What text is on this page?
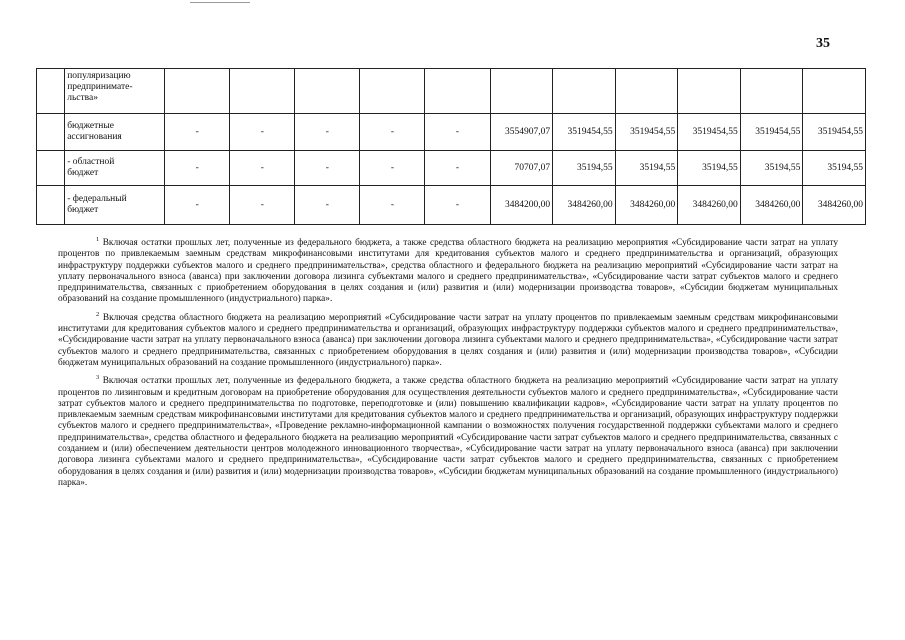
35
	популяризацию
предпринимате-
льства»											
	бюджетные
ассигнования	-	-	-	-	-	3554907,07	3519454,55	3519454,55	3519454,55	3519454,55	3519454,55
	- областной
бюджет	-	-	-	-	-	70707,07	35194,55	35194,55	35194,55	35194,55	35194,55
	- федеральный
бюджет	-	-	-	-	-	3484200,00	3484260,00	3484260,00	3484260,00	3484260,00	3484260,00

$^1$ Включая остатки прошлых лет, полученные из федерального бюджета, а также средства областного бюджета на реализацию мероприятия «Субсидирование части затрат на уплату процентов по привлекаемым заемным средствам микрофинансовыми институтами для кредитования субъектов малого и среднего предпринимательства и организаций, образующих инфраструктуру поддержки субъектов малого и среднего предпринимательства», средства областного и федерального бюджета на реализацию мероприятий «Субсидирование части затрат на уплату первоначального взноса (аванса) при заключении договора лизинга субъектами малого и среднего предпринимательства», «Субсидирование части затрат субъектов малого и среднего предпринимательства, связанных с приобретением оборудования в целях создания и (или) развития и (или) модернизации производства товаров», «Субсидии бюджетам муниципальных образований на создание промышленного (индустриального) парка».

$^2$ Включая средства областного бюджета на реализацию мероприятий «Субсидирование части затрат на уплату процентов по привлекаемым заемным средствам микрофинансовыми институтами для кредитования субъектов малого и среднего предпринимательства и организаций, образующих инфраструктуру поддержки субъектов малого и среднего предпринимательства», «Субсидирование части затрат на уплату первоначального взноса (аванса) при заключении договора лизинга субъектами малого и среднего предпринимательства», «Субсидирование части затрат субъектов малого и среднего предпринимательства, связанных с приобретением оборудования в целях создания и (или) развития и (или) модернизации производства товаров», «Субсидии бюджетам муниципальных образований на создание промышленного (индустриального) парка».

$^3$ Включая остатки прошлых лет, полученные из федерального бюджета, а также средства областного бюджета на реализацию мероприятий «Субсидирование части затрат на уплату процентов по лизинговым и кредитным договорам на приобретение оборудования для осуществления деятельности субъектов малого и среднего предпринимательства», «Субсидирование части затрат субъектов малого и среднего предпринимательства по подготовке, переподготовке и (или) повышению квалификации кадров», «Субсидирование части затрат на уплату процентов по привлекаемым заемным средствам микрофинансовыми институтами для кредитования субъектов малого и среднего предпринимательства и организаций, образующих инфраструктуру поддержки субъектов малого и среднего предпринимательства», «Проведение рекламно-информационной кампании о возможностях получения государственной поддержки субъектами малого и среднего предпринимательства», средства областного и федерального бюджета на реализацию мероприятий «Субсидирование части затрат субъектов малого и среднего предпринимательства, связанных с созданием и (или) обеспечением деятельности центров молодежного инновационного творчества», «Субсидирование части затрат на уплату первоначального взноса (аванса) при заключении договора лизинга субъектами малого и среднего предпринимательства», «Субсидирование части затрат субъектов малого и среднего предпринимательства, связанных с приобретением оборудования в целях создания и (или) развития и (или) модернизации производства товаров», «Субсидии бюджетам муниципальных образований на создание промышленного (индустриального) парка».
